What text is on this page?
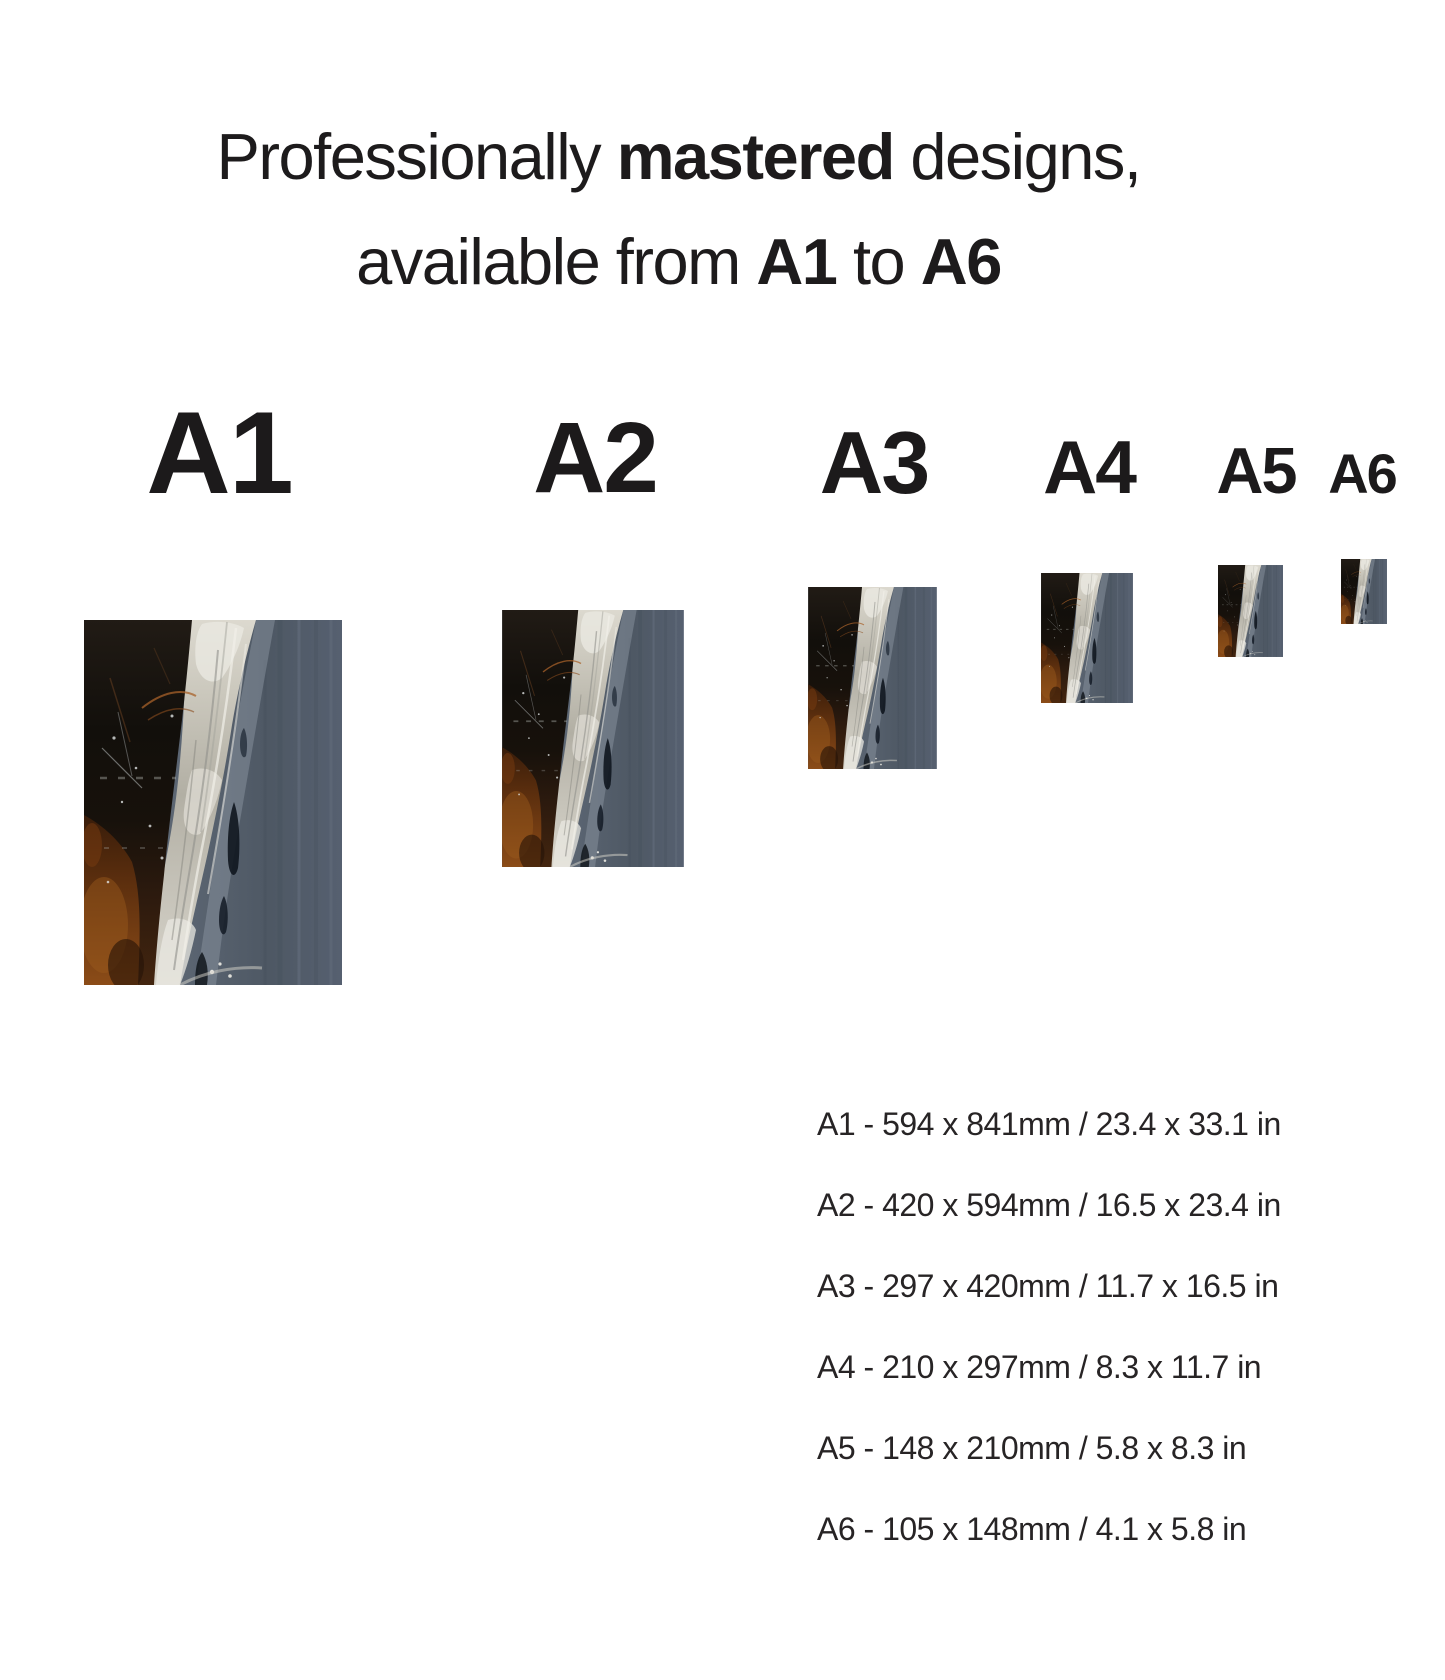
Professionally mastered designs,
available from A1 to A6
A1 A2 A3 A4 A5 A6
A1 - 594 x 841mm / 23.4 x 33.1 in
A2 - 420 x 594mm / 16.5 x 23.4 in
A3 - 297 x 420mm / 11.7 x 16.5 in
A4 - 210 x 297mm / 8.3 x 11.7 in
A5 - 148 x 210mm / 5.8 x 8.3 in
A6 - 105 x 148mm / 4.1 x 5.8 in
